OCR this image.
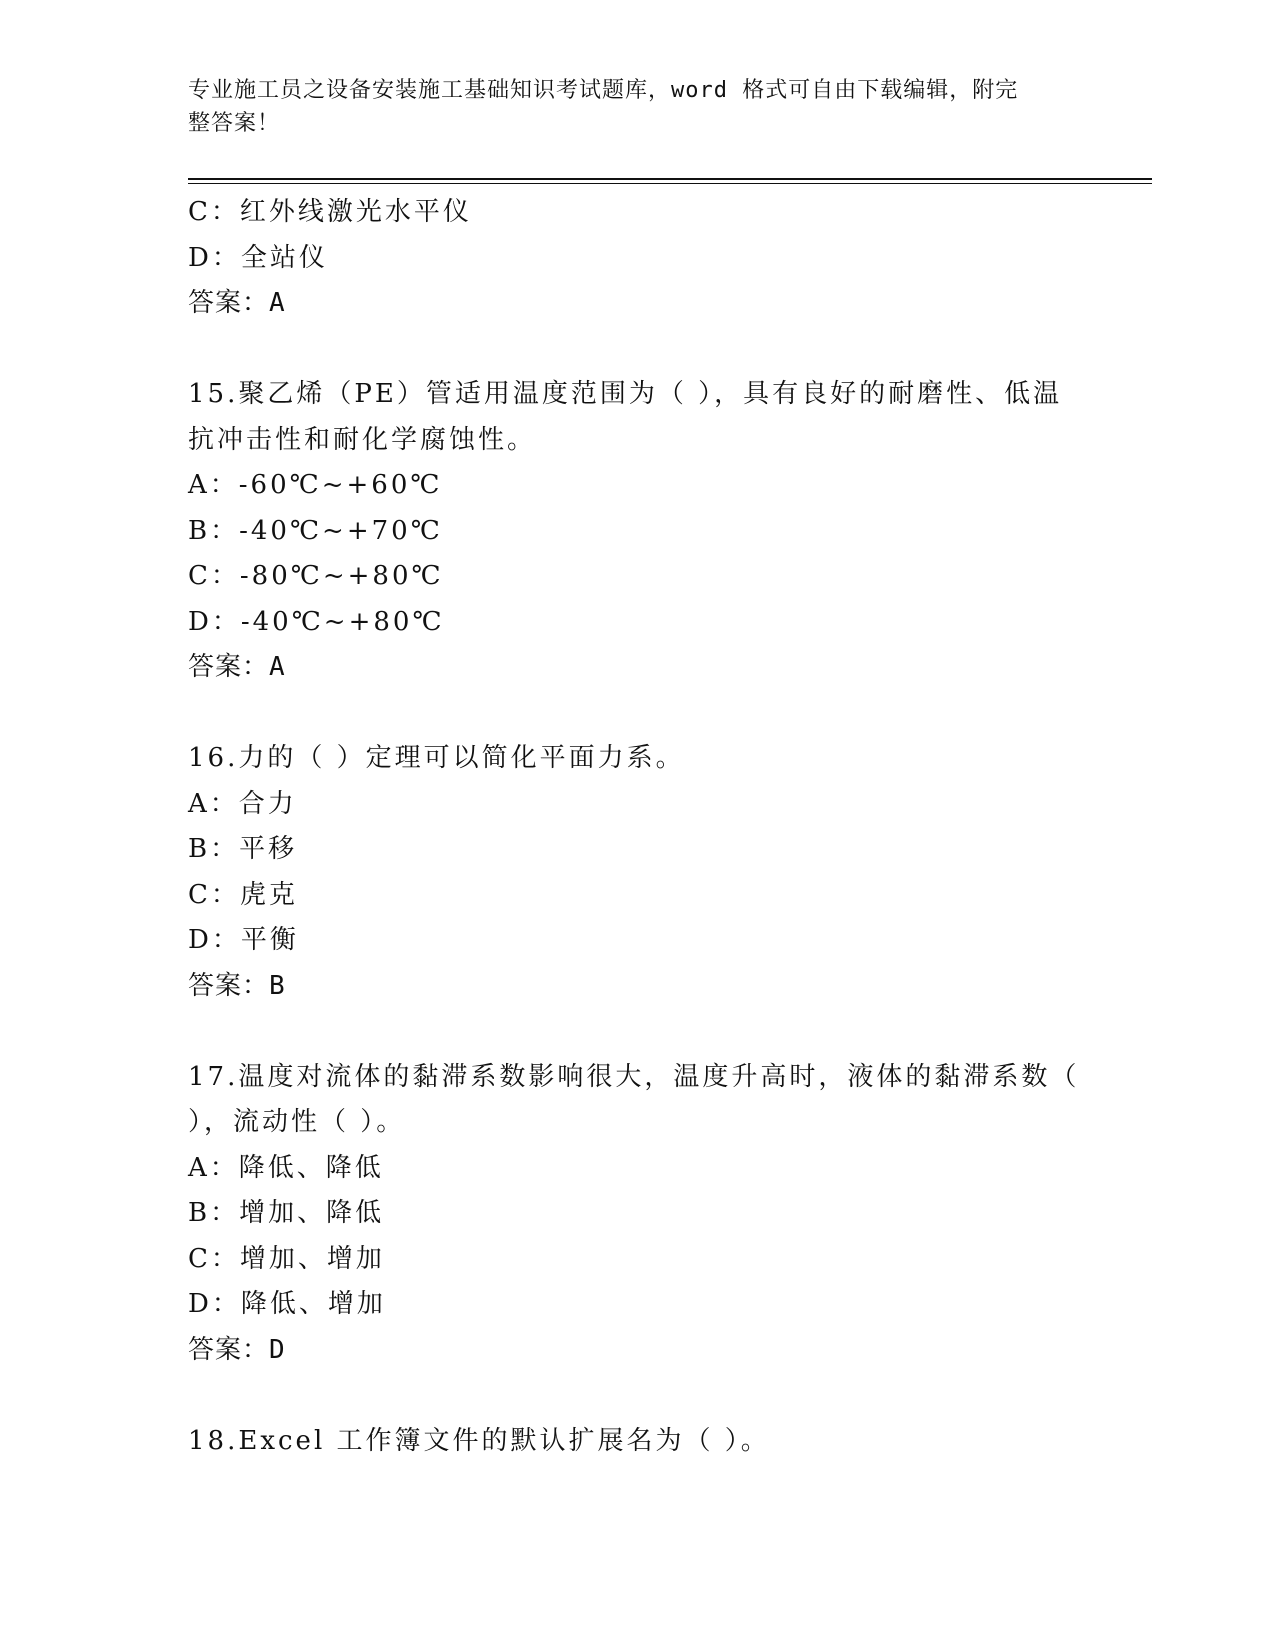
专业施工员之设备安装施工基础知识考试题库，word 格式可自由下载编辑，附完
整答案！
C：红外线激光水平仪
D：全站仪
答案：A
15.聚乙烯（PE）管适用温度范围为（ ），具有良好的耐磨性、低温
抗冲击性和耐化学腐蚀性。
A：-60℃~+60℃
B：-40℃~+70℃
C：-80℃~+80℃
D：-40℃~+80℃
答案：A
16.力的（ ）定理可以简化平面力系。
A：合力
B：平移
C：虎克
D：平衡
答案：B
17.温度对流体的黏滞系数影响很大，温度升高时，液体的黏滞系数（
），流动性（ ）。
A：降低、降低
B：增加、降低
C：增加、增加
D：降低、增加
答案：D
18.Excel 工作簿文件的默认扩展名为（ ）。
